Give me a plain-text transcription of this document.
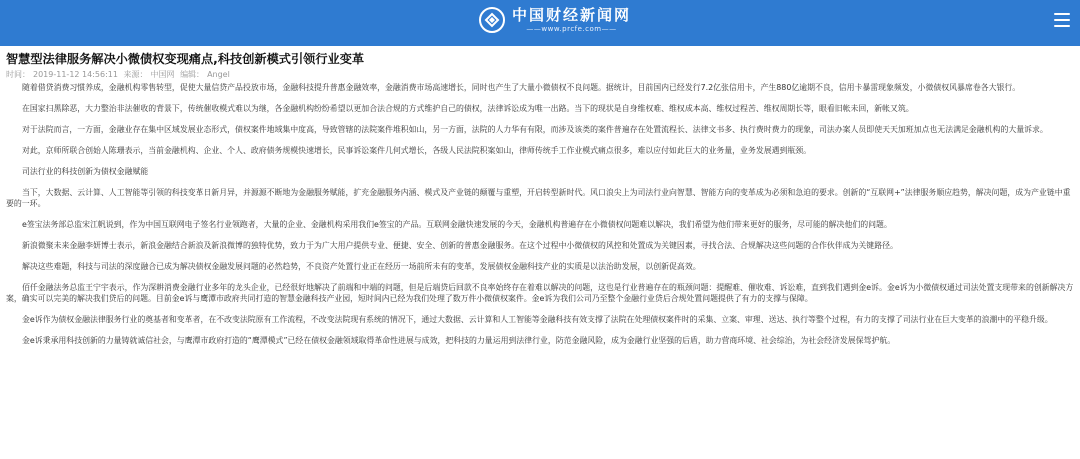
中国财经新闻网
——www.prcfe.com——
智慧型法律服务解决小微债权变现痛点,科技创新模式引领行业变革
时间： 2019-11-12 14:56:11 来源： 中国网 编辑： Angel

随着借贷消费习惯养成，金融机构零售转型，促使大量信贷产品投放市场，金融科技提升普惠金融效率，金融消费市场高速增长，同时也产生了大量小微债权不良问题。据统计，目前国内已经发行7.2亿张信用卡，产生880亿逾期不良，信用卡暴雷现象频发，小微债权风暴席卷各大银行。

在国家扫黑除恶，大力整治非法催收的背景下，传统催收模式难以为继，各金融机构纷纷希望以更加合法合规的方式维护自己的债权，法律诉讼成为唯一出路。当下的现状是自身维权难、维权成本高、维权过程苦、维权周期长等，眼看旧帐未回，新帐又筑。

对于法院而言，一方面，金融业存在集中区域发展业态形式，债权案件地域集中度高，导致管辖的法院案件堆积如山，另一方面，法院的人力华有有限，而涉及该类的案件普遍存在处置流程长、法律文书多、执行费时费力的现象，司法办案人员即使天天加班加点也无法满足金融机构的大量诉求。

对此，京师所联合创始人陈珊表示，当前金融机构、企业、个人、政府债务规模快速增长，民事诉讼案件几何式增长，各级人民法院积案如山，律师传统手工作业模式痛点很多，难以应付如此巨大的业务量，业务发展遇到瓶颈。

司法行业的科技创新为债权金融赋能

当下，大数据、云计算、人工智能等引领的科技变革日新月异，并源源不断地为金融服务赋能，扩充金融服务内涵、模式及产业链的颠覆与重塑，开启转型新时代。风口浪尖上为司法行业向智慧、智能方向的变革成为必须和急迫的要求。创新的“互联网+”法律服务顺应趋势，解决问题，成为产业链中重要的一环。

e签宝法务部总监宋江帆说到，作为中国互联网电子签名行业领跑者，大量的企业、金融机构采用我们e签宝的产品。互联网金融快速发展的今天，金融机构普遍存在小微债权问题难以解决，我们希望为他们带来更好的服务，尽可能的解决他们的问题。

新浪微聚未来金融李妍博士表示，新浪金融结合新浪及新浪微博的独特优势，致力于为广大用户提供专业、便捷、安全、创新的普惠金融服务。在这个过程中小微债权的风控和处置成为关键因素，寻找合法、合规解决这些问题的合作伙伴成为关键路径。

解决这些难题，科技与司法的深度融合已成为解决债权金融发展问题的必然趋势，不良资产处置行业正在经历一场前所未有的变革，发展债权金融科技产业的实质是以法治助发展，以创新促高效。

佰仟金融法务总监王宁宇表示，作为深耕消费金融行业多年的龙头企业，已经很好地解决了前端和中端的问题，但是后端贷后回款不良率始终存在着难以解决的问题，这也是行业普遍存在的瓶颈问题：提醒难、催收难、诉讼难，直到我们遇到金e诉。金e诉为小微债权通过司法处置支现带来的创新解决方案，确实可以完美的解决我们贷后的问题。目前金e诉与鹰潭市政府共同打造的智慧金融科技产业园，短时间内已经为我们处理了数万件小微债权案件。金e诉为我们公司乃至整个金融行业贷后合规处置问题提供了有力的支撑与保障。

金e诉作为债权金融法律服务行业的奠基者和变革者，在不改变法院原有工作流程，不改变法院现有系统的情况下，通过大数据、云计算和人工智能等金融科技有效支撑了法院在处理债权案件时的采集、立案、审理、送达、执行等整个过程，有力的支撑了司法行业在巨大变革的浪潮中的平稳升级。

金e诉秉承用科技创新的力量铸就诚信社会，与鹰潭市政府打造的“鹰潭模式”已经在债权金融领域取得革命性进展与成效，把科技的力量运用到法律行业，防范金融风险，成为金融行业坚强的后盾，助力营商环境、社会综治，为社会经济发展保驾护航。
